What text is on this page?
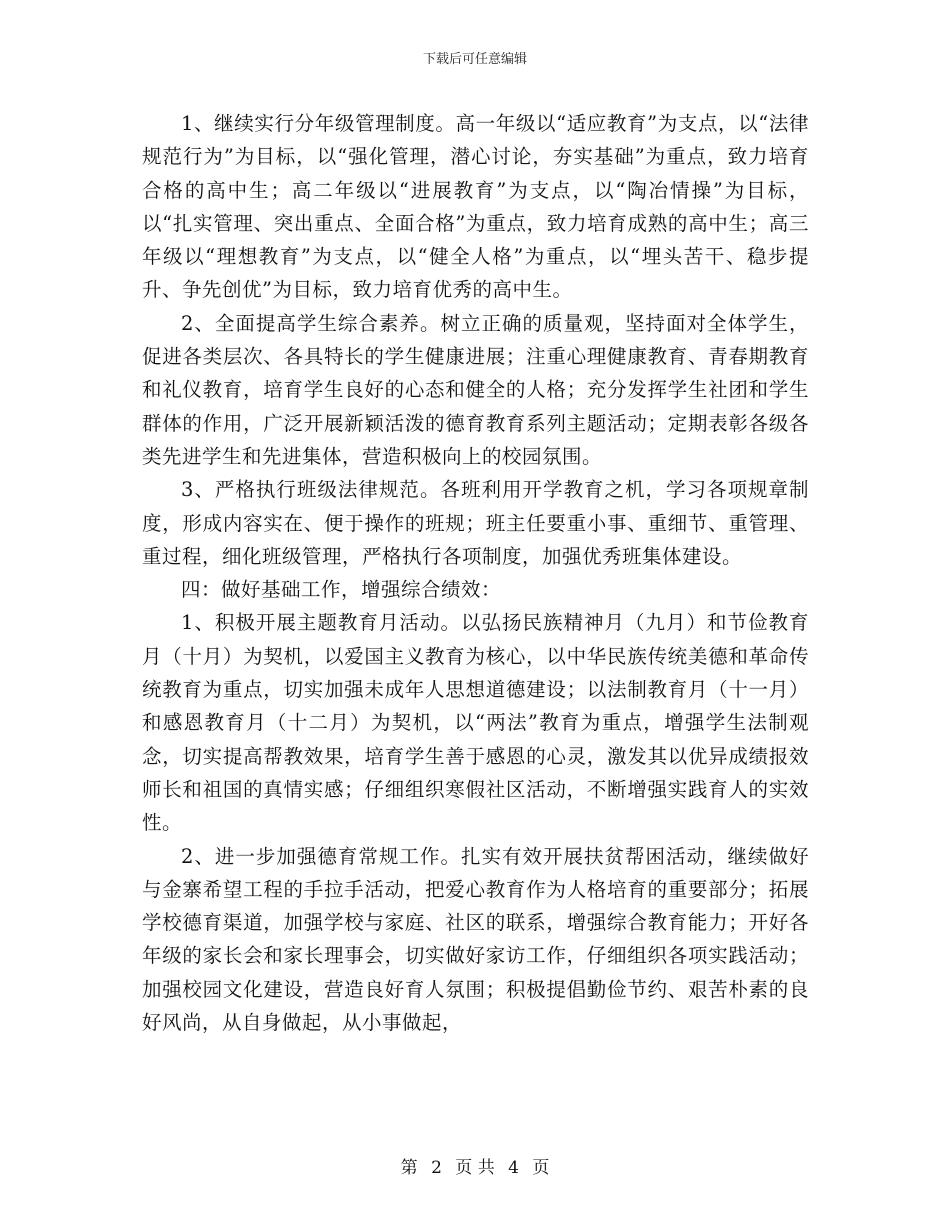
下载后可任意编辑

1、继续实行分年级管理制度。高一年级以“适应教育”为支点，以“法律规范行为”为目标，以“强化管理，潜心讨论，夯实基础”为重点，致力培育合格的高中生；高二年级以“进展教育”为支点，以“陶冶情操”为目标，以“扎实管理、突出重点、全面合格”为重点，致力培育成熟的高中生；高三年级以“理想教育”为支点，以“健全人格”为重点，以“埋头苦干、稳步提升、争先创优”为目标，致力培育优秀的高中生。

2、全面提高学生综合素养。树立正确的质量观，坚持面对全体学生，促进各类层次、各具特长的学生健康进展；注重心理健康教育、青春期教育和礼仪教育，培育学生良好的心态和健全的人格；充分发挥学生社团和学生群体的作用，广泛开展新颖活泼的德育教育系列主题活动；定期表彰各级各类先进学生和先进集体，营造积极向上的校园氛围。

3、严格执行班级法律规范。各班利用开学教育之机，学习各项规章制度，形成内容实在、便于操作的班规；班主任要重小事、重细节、重管理、重过程，细化班级管理，严格执行各项制度，加强优秀班集体建设。

四：做好基础工作，增强综合绩效：

1、积极开展主题教育月活动。以弘扬民族精神月（九月）和节俭教育月（十月）为契机，以爱国主义教育为核心，以中华民族传统美德和革命传统教育为重点，切实加强未成年人思想道德建设；以法制教育月（十一月）和感恩教育月（十二月）为契机，以“两法”教育为重点，增强学生法制观念，切实提高帮教效果，培育学生善于感恩的心灵，激发其以优异成绩报效师长和祖国的真情实感；仔细组织寒假社区活动，不断增强实践育人的实效性。

2、进一步加强德育常规工作。扎实有效开展扶贫帮困活动，继续做好与金寨希望工程的手拉手活动，把爱心教育作为人格培育的重要部分；拓展学校德育渠道，加强学校与家庭、社区的联系，增强综合教育能力；开好各年级的家长会和家长理事会，切实做好家访工作，仔细组织各项实践活动；加强校园文化建设，营造良好育人氛围；积极提倡勤俭节约、艰苦朴素的良好风尚，从自身做起，从小事做起，

第 2 页 共 4 页
